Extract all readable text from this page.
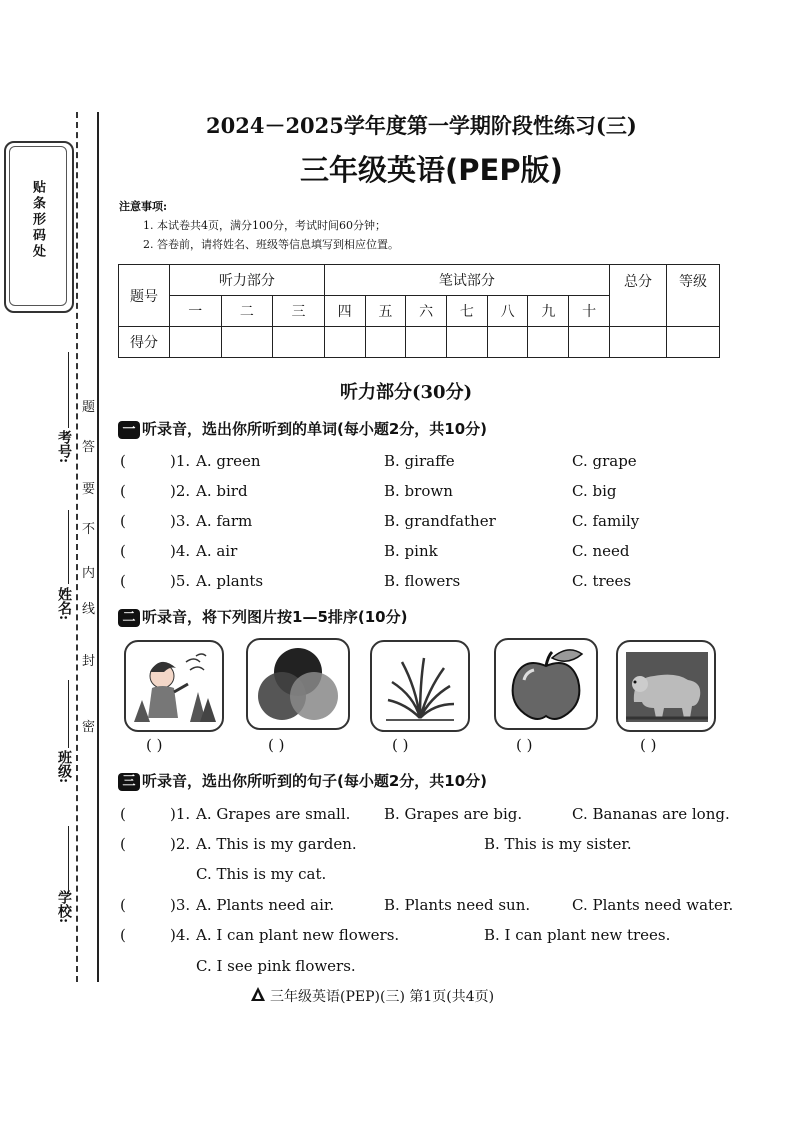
贴条形码处
学校:
班级:
姓名:
考号:
密
封
线
内
不
要
答
题
2024－2025学年度第一学期阶段性练习(三)
三年级英语(PEP版)
注意事项:
1. 本试卷共4页，满分100分，考试时间60分钟；
2. 答卷前，请将姓名、班级等信息填写到相应位置。
题号	听力部分			笔试部分							总分	等级
	一	二	三	四	五	六	七	八	九	十		
得分												
听力部分(30分)
一 听录音，选出你所听到的单词(每小题2分，共10分)
(	)1. A. green	B. giraffe	C. grape
(	)2. A. bird	B. brown	C. big
(	)3. A. farm	B. grandfather	C. family
(	)4. A. air	B. pink	C. need
(	)5. A. plants	B. flowers	C. trees
二 听录音，将下列图片按1—5排序(10分)
( )	( )	( )	( )	( )
三 听录音，选出你所听到的句子(每小题2分，共10分)
(	)1. A. Grapes are small. B. Grapes are big.	C. Bananas are long.
(	)2. A. This is my garden.	B. This is my sister.
C. This is my cat.
(	)3. A. Plants need air.	B. Plants need sun.	C. Plants need water.
(	)4. A. I can plant new flowers.	B. I can plant new trees.
C. I see pink flowers.
三年级英语(PEP)(三) 第1页(共4页)
